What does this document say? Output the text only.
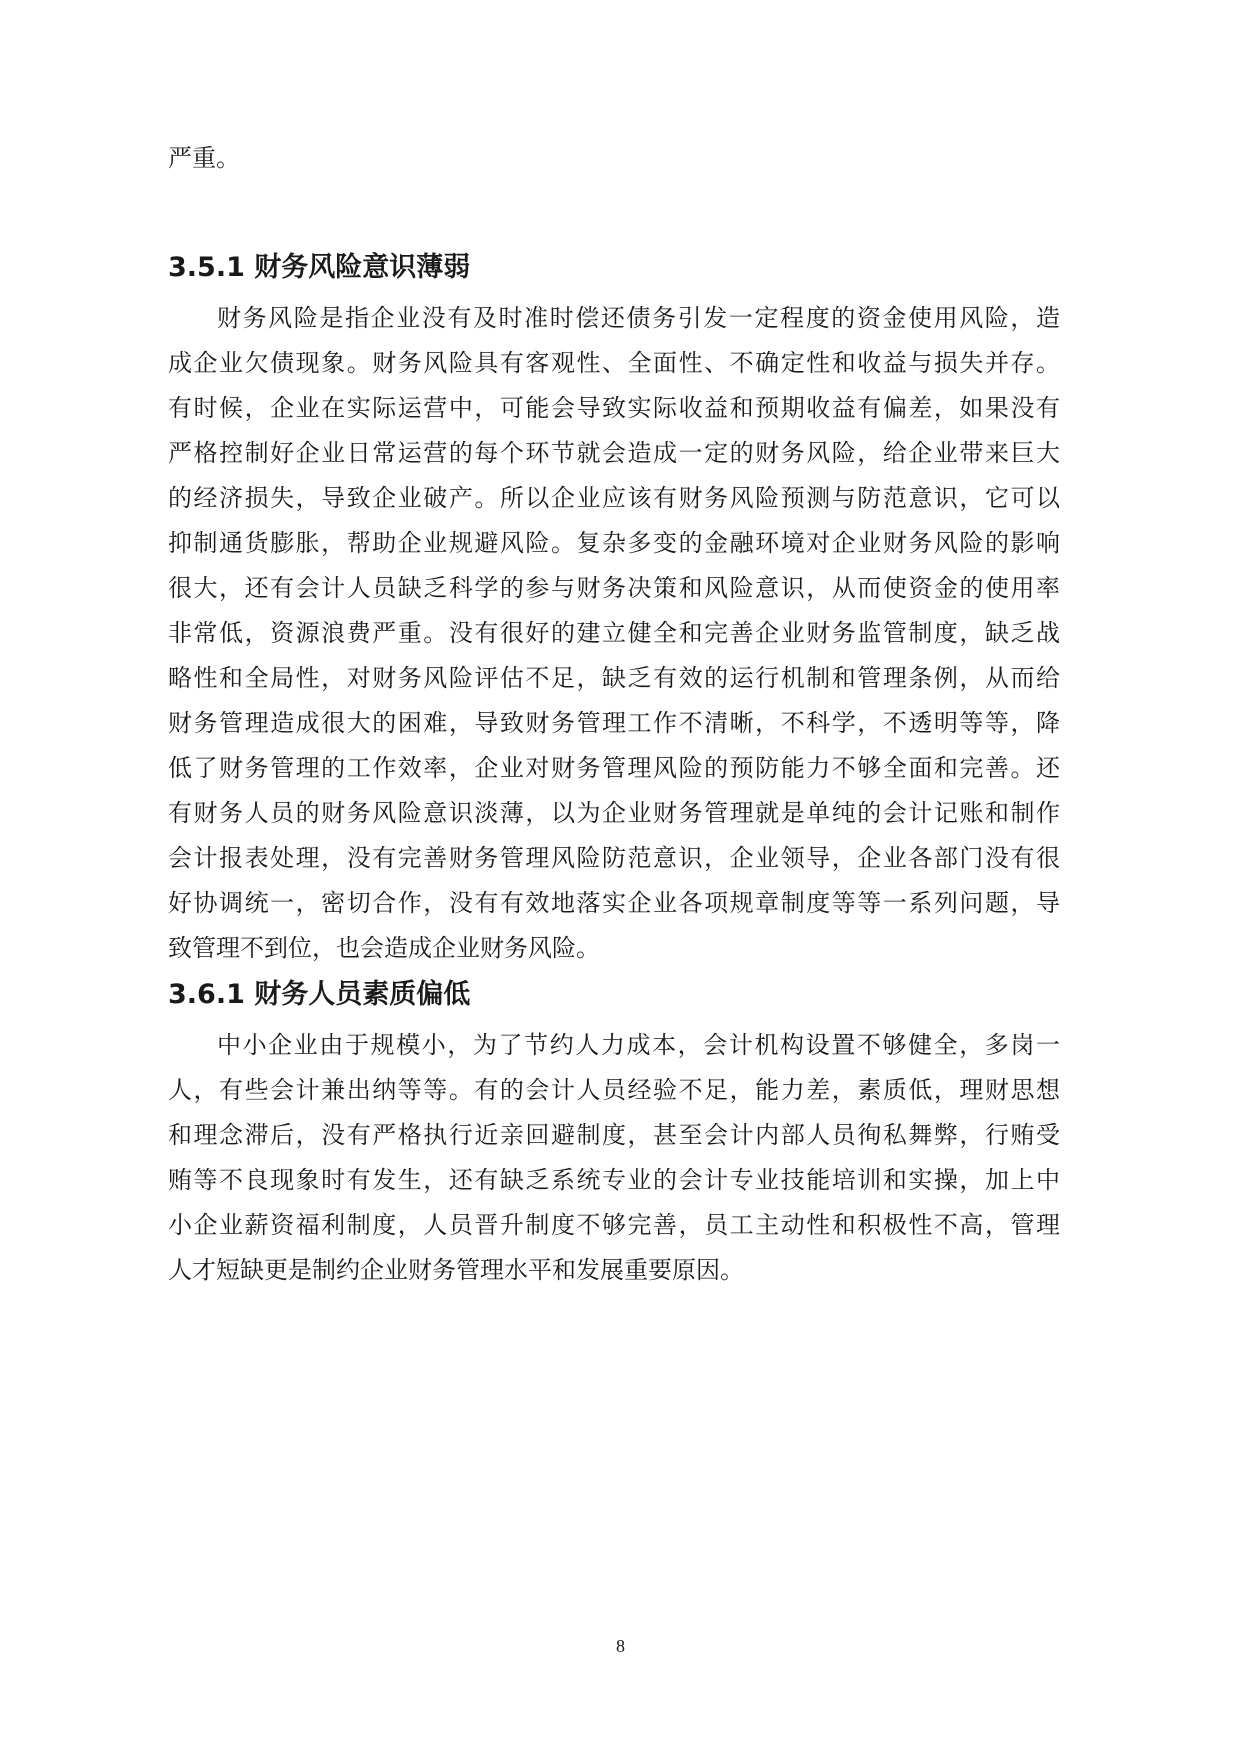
严重。
3.5.1 财务风险意识薄弱
财务风险是指企业没有及时准时偿还债务引发一定程度的资金使用风险，造
成企业欠债现象。财务风险具有客观性、全面性、不确定性和收益与损失并存。
有时候，企业在实际运营中，可能会导致实际收益和预期收益有偏差，如果没有
严格控制好企业日常运营的每个环节就会造成一定的财务风险，给企业带来巨大
的经济损失，导致企业破产。所以企业应该有财务风险预测与防范意识，它可以
抑制通货膨胀，帮助企业规避风险。复杂多变的金融环境对企业财务风险的影响
很大，还有会计人员缺乏科学的参与财务决策和风险意识，从而使资金的使用率
非常低，资源浪费严重。没有很好的建立健全和完善企业财务监管制度，缺乏战
略性和全局性，对财务风险评估不足，缺乏有效的运行机制和管理条例，从而给
财务管理造成很大的困难，导致财务管理工作不清晰，不科学，不透明等等，降
低了财务管理的工作效率，企业对财务管理风险的预防能力不够全面和完善。还
有财务人员的财务风险意识淡薄，以为企业财务管理就是单纯的会计记账和制作
会计报表处理，没有完善财务管理风险防范意识，企业领导，企业各部门没有很
好协调统一，密切合作，没有有效地落实企业各项规章制度等等一系列问题，导
致管理不到位，也会造成企业财务风险。
3.6.1 财务人员素质偏低
中小企业由于规模小，为了节约人力成本，会计机构设置不够健全，多岗一
人，有些会计兼出纳等等。有的会计人员经验不足，能力差，素质低，理财思想
和理念滞后，没有严格执行近亲回避制度，甚至会计内部人员徇私舞弊，行贿受
贿等不良现象时有发生，还有缺乏系统专业的会计专业技能培训和实操，加上中
小企业薪资福利制度，人员晋升制度不够完善，员工主动性和积极性不高，管理
人才短缺更是制约企业财务管理水平和发展重要原因。
8
